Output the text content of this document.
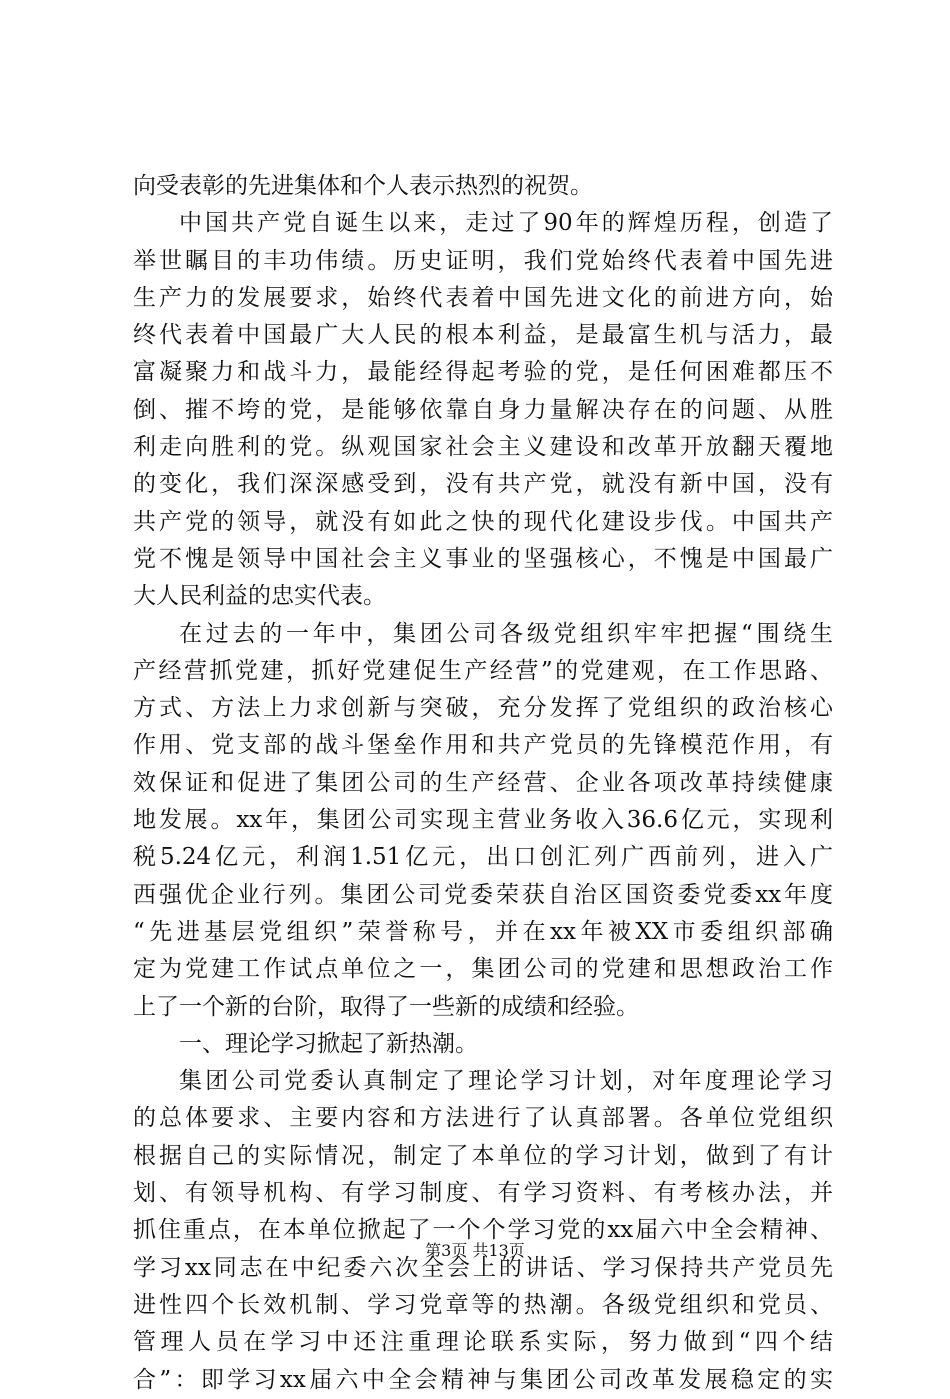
向受表彰的先进集体和个人表示热烈的祝贺。
中国共产党自诞生以来，走过了90年的辉煌历程，创造了
举世瞩目的丰功伟绩。历史证明，我们党始终代表着中国先进
生产力的发展要求，始终代表着中国先进文化的前进方向，始
终代表着中国最广大人民的根本利益，是最富生机与活力，最
富凝聚力和战斗力，最能经得起考验的党，是任何困难都压不
倒、摧不垮的党，是能够依靠自身力量解决存在的问题、从胜
利走向胜利的党。纵观国家社会主义建设和改革开放翻天覆地
的变化，我们深深感受到，没有共产党，就没有新中国，没有
共产党的领导，就没有如此之快的现代化建设步伐。中国共产
党不愧是领导中国社会主义事业的坚强核心，不愧是中国最广
大人民利益的忠实代表。
在过去的一年中，集团公司各级党组织牢牢把握“围绕生
产经营抓党建，抓好党建促生产经营”的党建观，在工作思路、
方式、方法上力求创新与突破，充分发挥了党组织的政治核心
作用、党支部的战斗堡垒作用和共产党员的先锋模范作用，有
效保证和促进了集团公司的生产经营、企业各项改革持续健康
地发展。xx年，集团公司实现主营业务收入36.6亿元，实现利
税5.24亿元，利润1.51亿元，出口创汇列广西前列，进入广
西强优企业行列。集团公司党委荣获自治区国资委党委xx年度
“先进基层党组织”荣誉称号，并在xx年被XX市委组织部确
定为党建工作试点单位之一，集团公司的党建和思想政治工作
上了一个新的台阶，取得了一些新的成绩和经验。
一、理论学习掀起了新热潮。
集团公司党委认真制定了理论学习计划，对年度理论学习
的总体要求、主要内容和方法进行了认真部署。各单位党组织
根据自己的实际情况，制定了本单位的学习计划，做到了有计
划、有领导机构、有学习制度、有学习资料、有考核办法，并
抓住重点，在本单位掀起了一个个学习党的xx届六中全会精神、
学习xx同志在中纪委六次全会上的讲话、学习保持共产党员先
进性四个长效机制、学习党章等的热潮。各级党组织和党员、
管理人员在学习中还注重理论联系实际，努力做到“四个结
合”：即学习xx届六中全会精神与集团公司改革发展稳定的实
第3页 共13页
